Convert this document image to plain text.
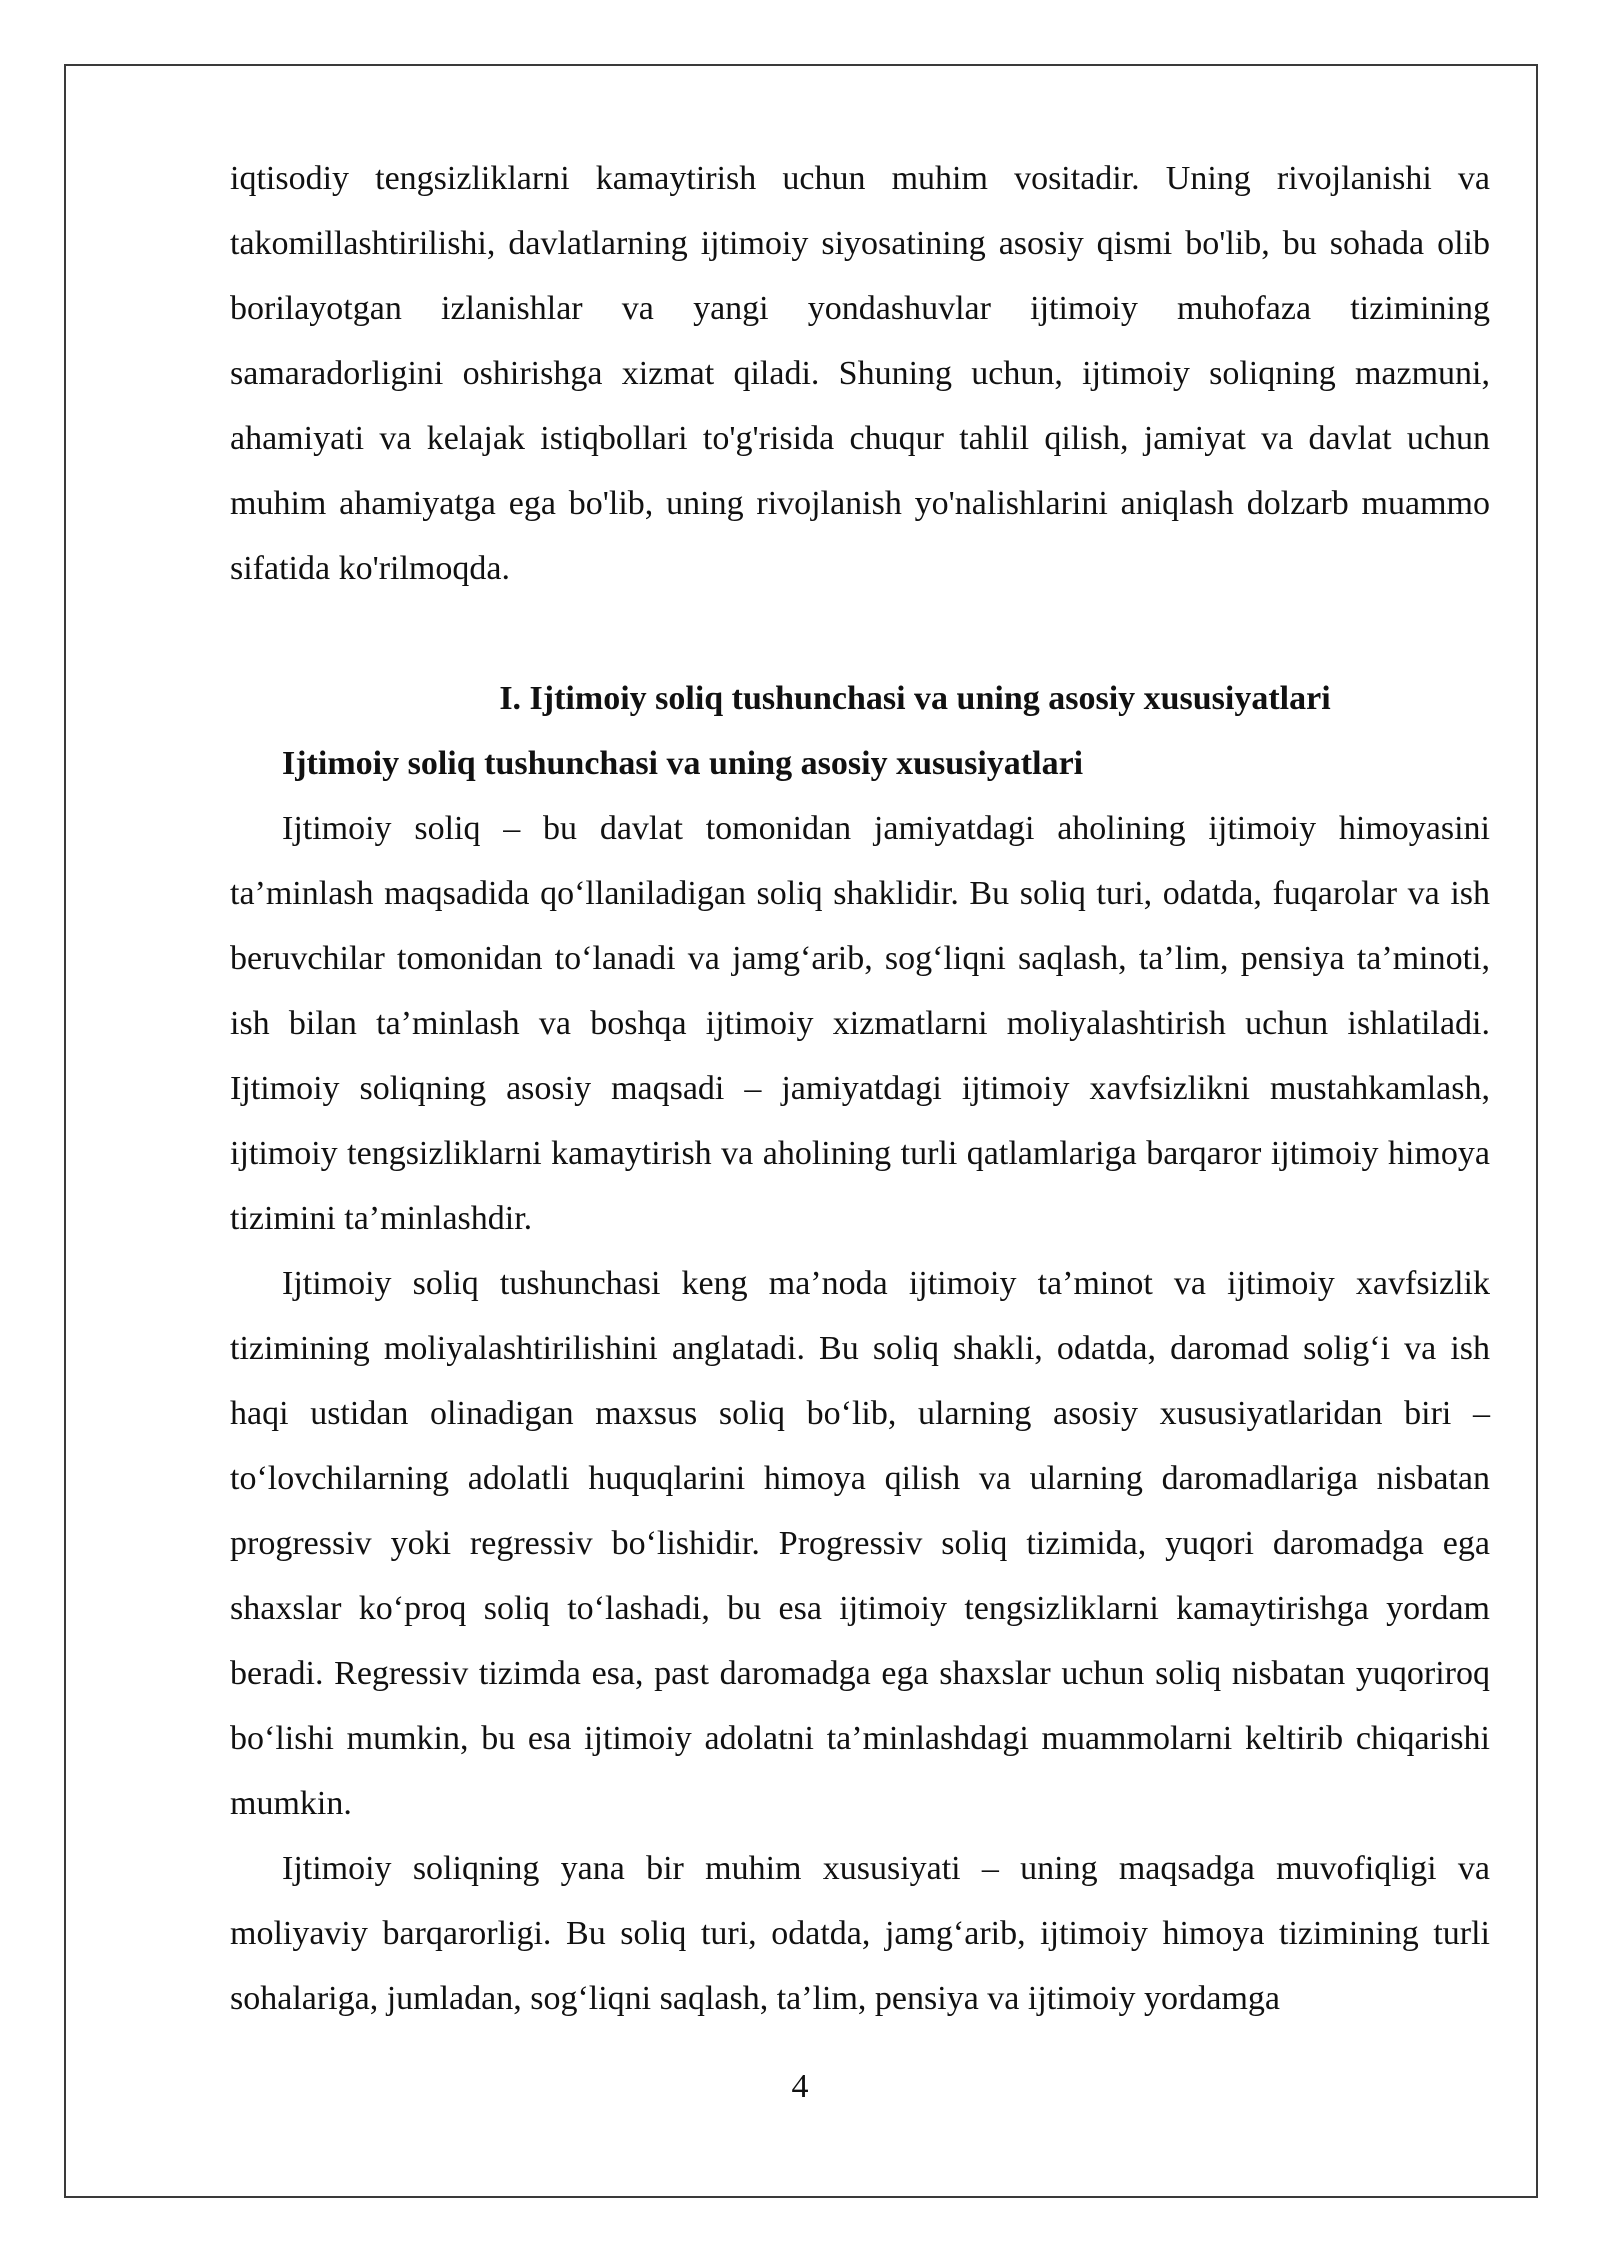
iqtisodiy tengsizliklarni kamaytirish uchun muhim vositadir. Uning rivojlanishi va takomillashtirilishi, davlatlarning ijtimoiy siyosatining asosiy qismi bo'lib, bu sohada olib borilayotgan izlanishlar va yangi yondashuvlar ijtimoiy muhofaza tizimining samaradorligini oshirishga xizmat qiladi. Shuning uchun, ijtimoiy soliqning mazmuni, ahamiyati va kelajak istiqbollari to'g'risida chuqur tahlil qilish, jamiyat va davlat uchun muhim ahamiyatga ega bo'lib, uning rivojlanish yo'nalishlarini aniqlash dolzarb muammo sifatida ko'rilmoqda.

I. Ijtimoiy soliq tushunchasi va uning asosiy xususiyatlari

Ijtimoiy soliq tushunchasi va uning asosiy xususiyatlari

Ijtimoiy soliq – bu davlat tomonidan jamiyatdagi aholining ijtimoiy himoyasini ta’minlash maqsadida qo‘llaniladigan soliq shaklidir. Bu soliq turi, odatda, fuqarolar va ish beruvchilar tomonidan to‘lanadi va jamg‘arib, sog‘liqni saqlash, ta’lim, pensiya ta’minoti, ish bilan ta’minlash va boshqa ijtimoiy xizmatlarni moliyalashtirish uchun ishlatiladi. Ijtimoiy soliqning asosiy maqsadi – jamiyatdagi ijtimoiy xavfsizlikni mustahkamlash, ijtimoiy tengsizliklarni kamaytirish va aholining turli qatlamlariga barqaror ijtimoiy himoya tizimini ta’minlashdir.

Ijtimoiy soliq tushunchasi keng ma’noda ijtimoiy ta’minot va ijtimoiy xavfsizlik tizimining moliyalashtirilishini anglatadi. Bu soliq shakli, odatda, daromad solig‘i va ish haqi ustidan olinadigan maxsus soliq bo‘lib, ularning asosiy xususiyatlaridan biri – to‘lovchilarning adolatli huquqlarini himoya qilish va ularning daromadlariga nisbatan progressiv yoki regressiv bo‘lishidir. Progressiv soliq tizimida, yuqori daromadga ega shaxslar ko‘proq soliq to‘lashadi, bu esa ijtimoiy tengsizliklarni kamaytirishga yordam beradi. Regressiv tizimda esa, past daromadga ega shaxslar uchun soliq nisbatan yuqoriroq bo‘lishi mumkin, bu esa ijtimoiy adolatni ta’minlashdagi muammolarni keltirib chiqarishi mumkin.

Ijtimoiy soliqning yana bir muhim xususiyati – uning maqsadga muvofiqligi va moliyaviy barqarorligi. Bu soliq turi, odatda, jamg‘arib, ijtimoiy himoya tizimining turli sohalariga, jumladan, sog‘liqni saqlash, ta’lim, pensiya va ijtimoiy yordamga

4
